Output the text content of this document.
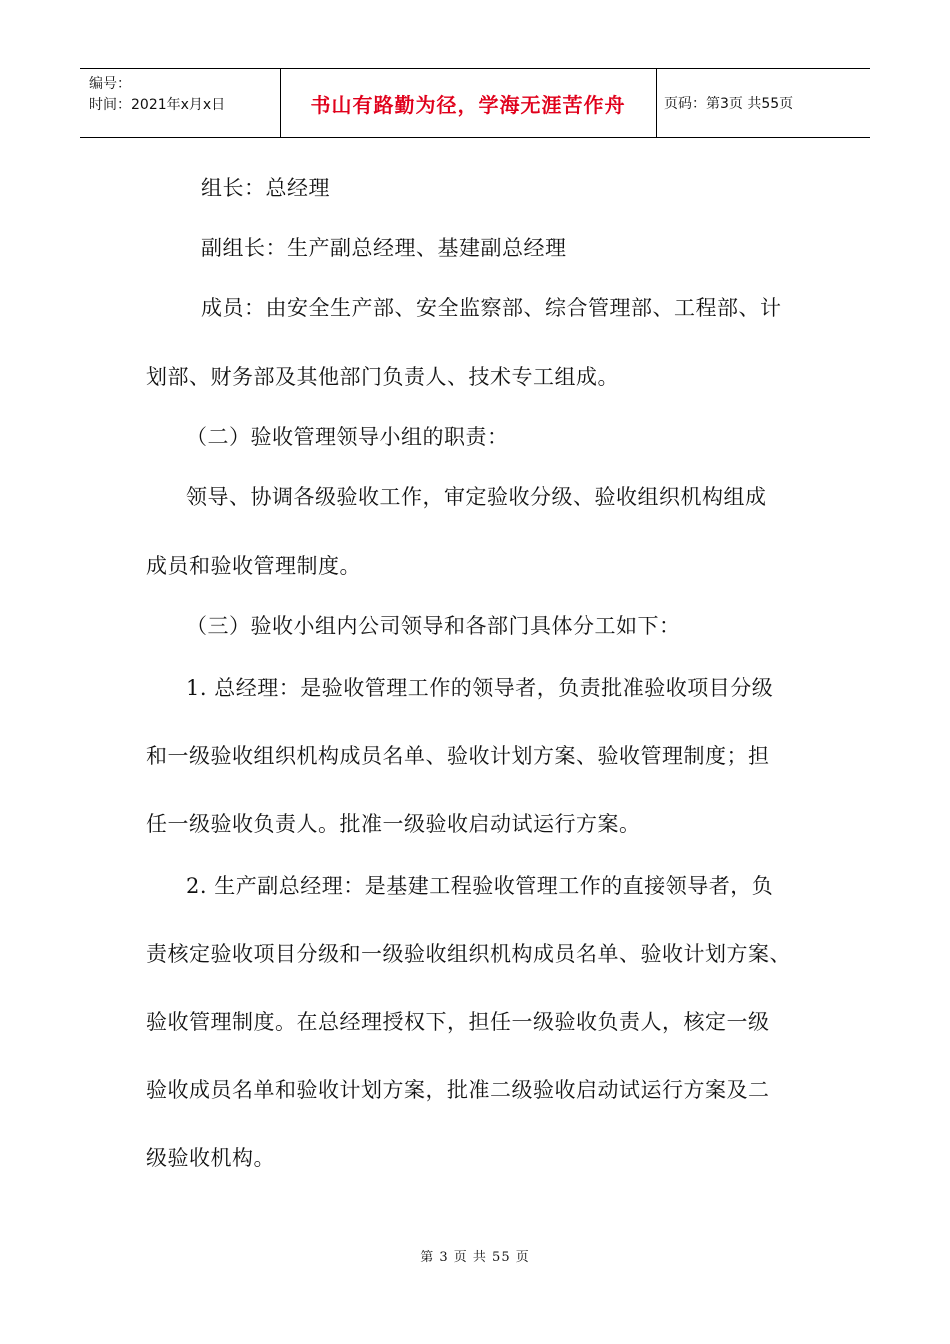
编号：
时间：2021年x月x日	书山有路勤为径，学海无涯苦作舟	页码：第3页 共55页
组长：总经理
副组长：生产副总经理、基建副总经理
成员：由安全生产部、安全监察部、综合管理部、工程部、计
划部、财务部及其他部门负责人、技术专工组成。
（二）验收管理领导小组的职责：
领导、协调各级验收工作，审定验收分级、验收组织机构组成
成员和验收管理制度。
（三）验收小组内公司领导和各部门具体分工如下：
1. 总经理：是验收管理工作的领导者，负责批准验收项目分级
和一级验收组织机构成员名单、验收计划方案、验收管理制度；担
任一级验收负责人。批准一级验收启动试运行方案。
2. 生产副总经理：是基建工程验收管理工作的直接领导者，负
责核定验收项目分级和一级验收组织机构成员名单、验收计划方案、
验收管理制度。在总经理授权下，担任一级验收负责人，核定一级
验收成员名单和验收计划方案，批准二级验收启动试运行方案及二
级验收机构。
第 3 页 共 55 页
